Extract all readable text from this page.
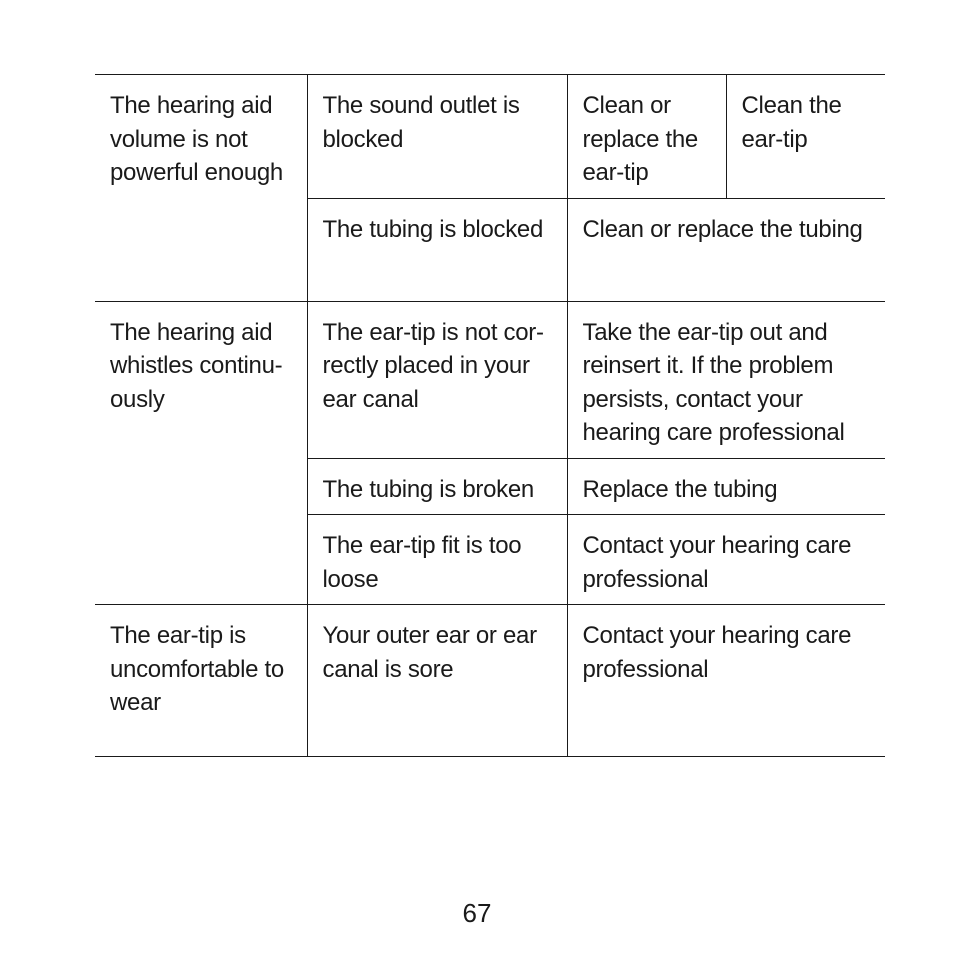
The hearing aid volume is not powerful enough	The sound outlet is blocked	Clean or replace the ear-tip	Clean the ear-tip
	The tubing is blocked	Clean or replace the tubing	
The hearing aid whistles continu- ously	The ear-tip is not cor- rectly placed in your ear canal	Take the ear-tip out and reinsert it. If the problem persists, contact your hearing care professional	
	The tubing is broken	Replace the tubing	
	The ear-tip fit is too loose	Contact your hearing care professional	
The ear-tip is uncomfortable to wear	Your outer ear or ear canal is sore	Contact your hearing care professional	
67
